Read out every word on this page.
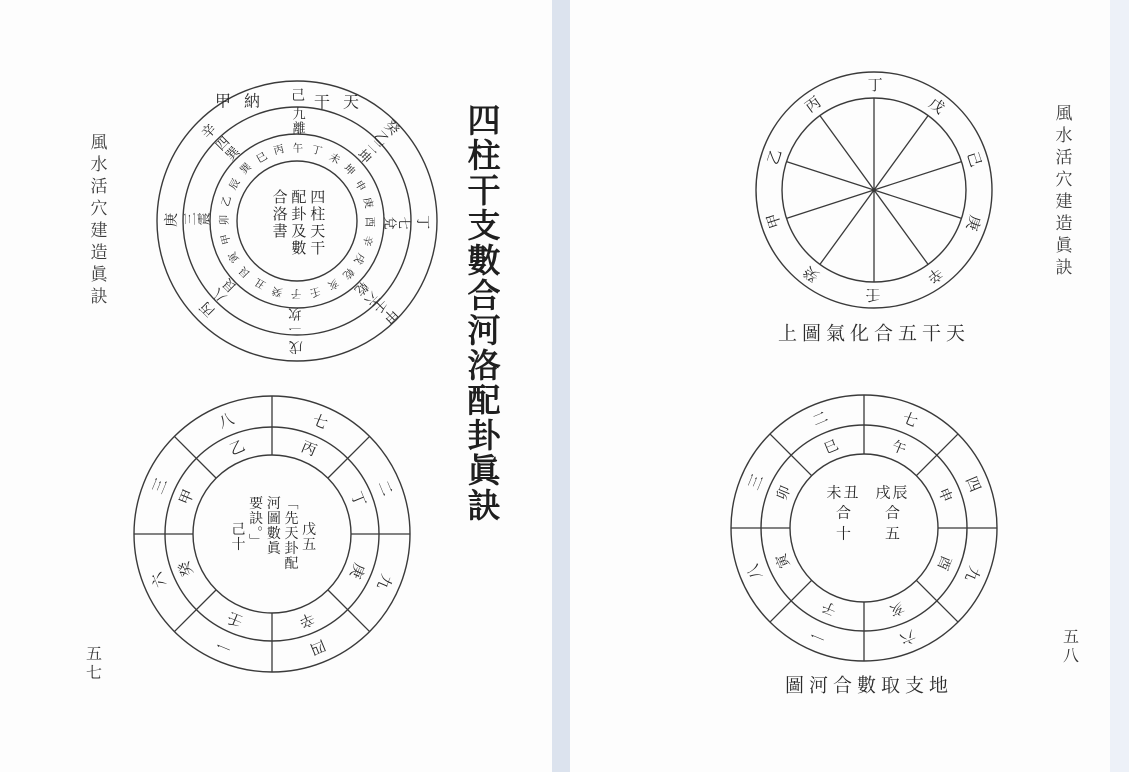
己
癸乙
丁
甲壬
戊
丙
庚
辛	九離
二坤
七兌
六乾
一坎
八艮
三震
四巽	午 丁 未
坤
申
庚
酉
辛
戌
乾
亥
壬
子
癸
丑
艮
寅
甲
卯
乙
辰
巽
巳 丙
七
二
九
四
一
六
三
八
丙
丁
庚
辛
壬
癸
甲
乙
丁
戊
己
庚
辛
壬
癸
甲
乙
丙
七
四
九
六
一
八
三
二
午
申
酉
亥
子
寅
卯
巳
風水活穴建造眞訣
五七
四柱干支數合河洛配卦眞訣
甲納	干天
四柱天干
配卦及數
合洛書
戊五
「先天卦配
河圖數眞
要訣。」
己十
風水活穴建造眞訣
五八
上圖氣化合五干天
戌辰
合
五
未丑
合
十
圖河合數取支地
